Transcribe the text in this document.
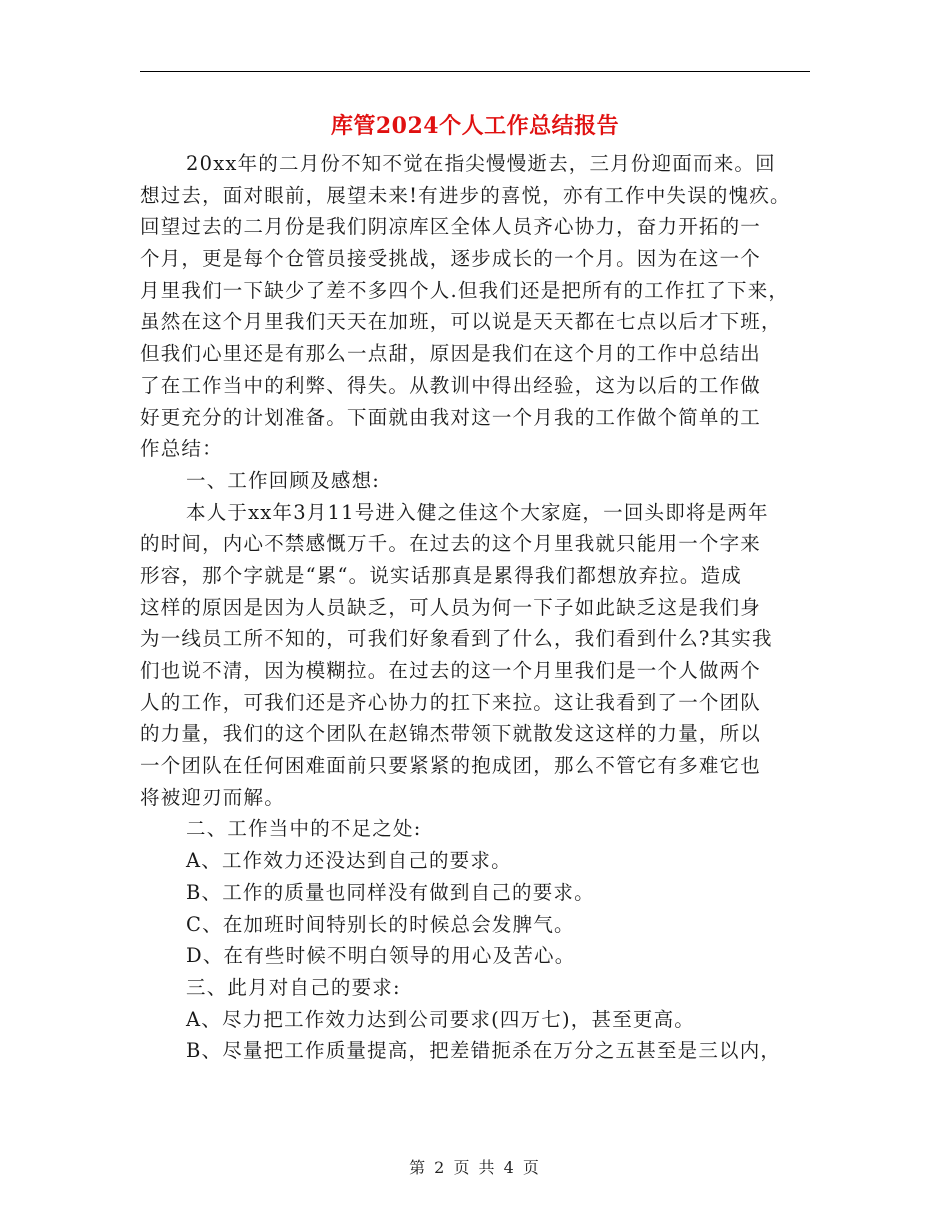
库管2024个人工作总结报告
20xx年的二月份不知不觉在指尖慢慢逝去，三月份迎面而来。回
想过去，面对眼前，展望未来!有进步的喜悦，亦有工作中失误的愧疚。
回望过去的二月份是我们阴凉库区全体人员齐心协力，奋力开拓的一
个月，更是每个仓管员接受挑战，逐步成长的一个月。因为在这一个
月里我们一下缺少了差不多四个人.但我们还是把所有的工作扛了下来，
虽然在这个月里我们天天在加班，可以说是天天都在七点以后才下班，
但我们心里还是有那么一点甜，原因是我们在这个月的工作中总结出
了在工作当中的利弊、得失。从教训中得出经验，这为以后的工作做
好更充分的计划准备。下面就由我对这一个月我的工作做个简单的工
作总结：
一、工作回顾及感想:
本人于xx年3月11号进入健之佳这个大家庭，一回头即将是两年
的时间，内心不禁感慨万千。在过去的这个月里我就只能用一个字来
形容，那个字就是“累“。说实话那真是累得我们都想放弃拉。造成
这样的原因是因为人员缺乏，可人员为何一下子如此缺乏这是我们身
为一线员工所不知的，可我们好象看到了什么，我们看到什么?其实我
们也说不清，因为模糊拉。在过去的这一个月里我们是一个人做两个
人的工作，可我们还是齐心协力的扛下来拉。这让我看到了一个团队
的力量，我们的这个团队在赵锦杰带领下就散发这这样的力量，所以
一个团队在任何困难面前只要紧紧的抱成团，那么不管它有多难它也
将被迎刃而解。
二、工作当中的不足之处:
A、工作效力还没达到自己的要求。
B、工作的质量也同样没有做到自己的要求。
C、在加班时间特别长的时候总会发脾气。
D、在有些时候不明白领导的用心及苦心。
三、此月对自己的要求:
A、尽力把工作效力达到公司要求(四万七)，甚至更高。
B、尽量把工作质量提高，把差错扼杀在万分之五甚至是三以内，
第 2 页 共 4 页
